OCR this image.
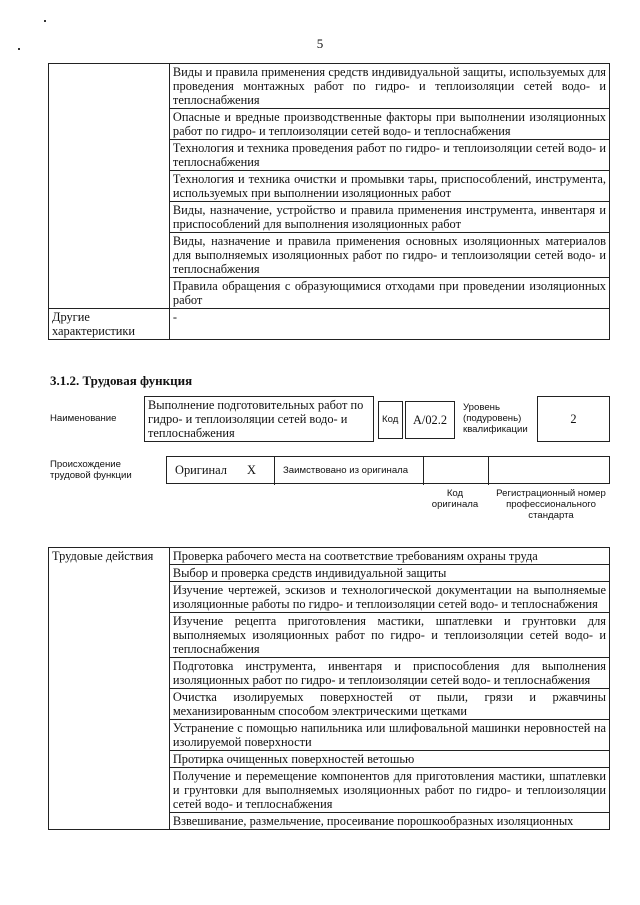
5
	Виды и правила применения средств индивидуальной защиты, используемых для проведения монтажных работ по гидро- и теплоизоляции сетей водо- и теплоснабжения
	Опасные и вредные производственные факторы при выполнении изоляционных работ по гидро- и теплоизоляции сетей водо- и теплоснабжения
	Технология и техника проведения работ по гидро- и теплоизоляции сетей водо- и теплоснабжения
	Технология и техника очистки и промывки тары, приспособлений, инструмента, используемых при выполнении изоляционных работ
	Виды, назначение, устройство и правила применения инструмента, инвентаря и приспособлений для выполнения изоляционных работ
	Виды, назначение и правила применения основных изоляционных материалов для выполняемых изоляционных работ по гидро- и теплоизоляции сетей водо- и теплоснабжения
	Правила обращения с образующимися отходами при проведении изоляционных работ
Другие характеристики	-
3.1.2. Трудовая функция
Наименование
Выполнение подготовительных работ по гидро- и теплоизоляции сетей водо- и теплоснабжения
Код	А/02.2
Уровень (подуровень) квалификации
2
Происхождение трудовой функции	Оригинал X	Заимствовано из оригинала
Код оригинала
Регистрационный номер профессионального стандарта
Трудовые действия	Проверка рабочего места на соответствие требованиям охраны труда
Выбор и проверка средств индивидуальной защиты
Изучение чертежей, эскизов и технологической документации на выполняемые изоляционные работы по гидро- и теплоизоляции сетей водо- и теплоснабжения
Изучение рецепта приготовления мастики, шпатлевки и грунтовки для выполняемых изоляционных работ по гидро- и теплоизоляции сетей водо- и теплоснабжения
Подготовка инструмента, инвентаря и приспособления для выполнения изоляционных работ по гидро- и теплоизоляции сетей водо- и теплоснабжения
Очистка изолируемых поверхностей от пыли, грязи и ржавчины механизированным способом электрическими щетками
Устранение с помощью напильника или шлифовальной машинки неровностей на изолируемой поверхности
Протирка очищенных поверхностей ветошью
Получение и перемещение компонентов для приготовления мастики, шпатлевки и грунтовки для выполняемых изоляционных работ по гидро- и теплоизоляции сетей водо- и теплоснабжения
Взвешивание, размельчение, просеивание порошкообразных изоляционных
